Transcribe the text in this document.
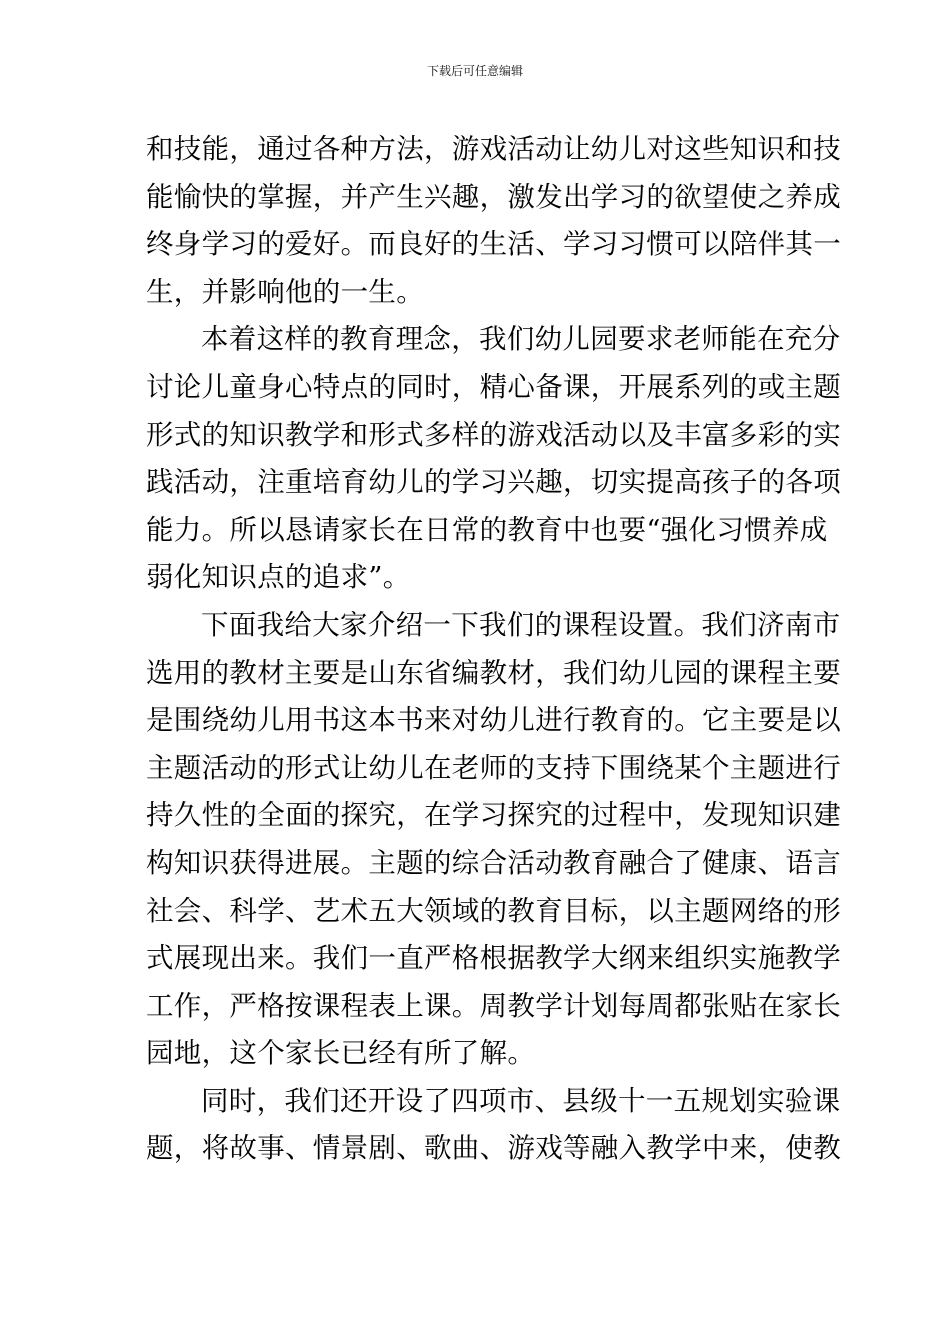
下载后可任意编辑

和技能，通过各种方法，游戏活动让幼儿对这些知识和技
能愉快的掌握，并产生兴趣，激发出学习的欲望使之养成
终身学习的爱好。而良好的生活、学习习惯可以陪伴其一
生，并影响他的一生。

本着这样的教育理念，我们幼儿园要求老师能在充分
讨论儿童身心特点的同时，精心备课，开展系列的或主题
形式的知识教学和形式多样的游戏活动以及丰富多彩的实
践活动，注重培育幼儿的学习兴趣，切实提高孩子的各项
能力。所以恳请家长在日常的教育中也要“强化习惯养成
弱化知识点的追求”。

下面我给大家介绍一下我们的课程设置。我们济南市
选用的教材主要是山东省编教材，我们幼儿园的课程主要
是围绕幼儿用书这本书来对幼儿进行教育的。它主要是以
主题活动的形式让幼儿在老师的支持下围绕某个主题进行
持久性的全面的探究，在学习探究的过程中，发现知识建
构知识获得进展。主题的综合活动教育融合了健康、语言
社会、科学、艺术五大领域的教育目标，以主题网络的形
式展现出来。我们一直严格根据教学大纲来组织实施教学
工作，严格按课程表上课。周教学计划每周都张贴在家长
园地，这个家长已经有所了解。

同时，我们还开设了四项市、县级十一五规划实验课
题，将故事、情景剧、歌曲、游戏等融入教学中来，使教
